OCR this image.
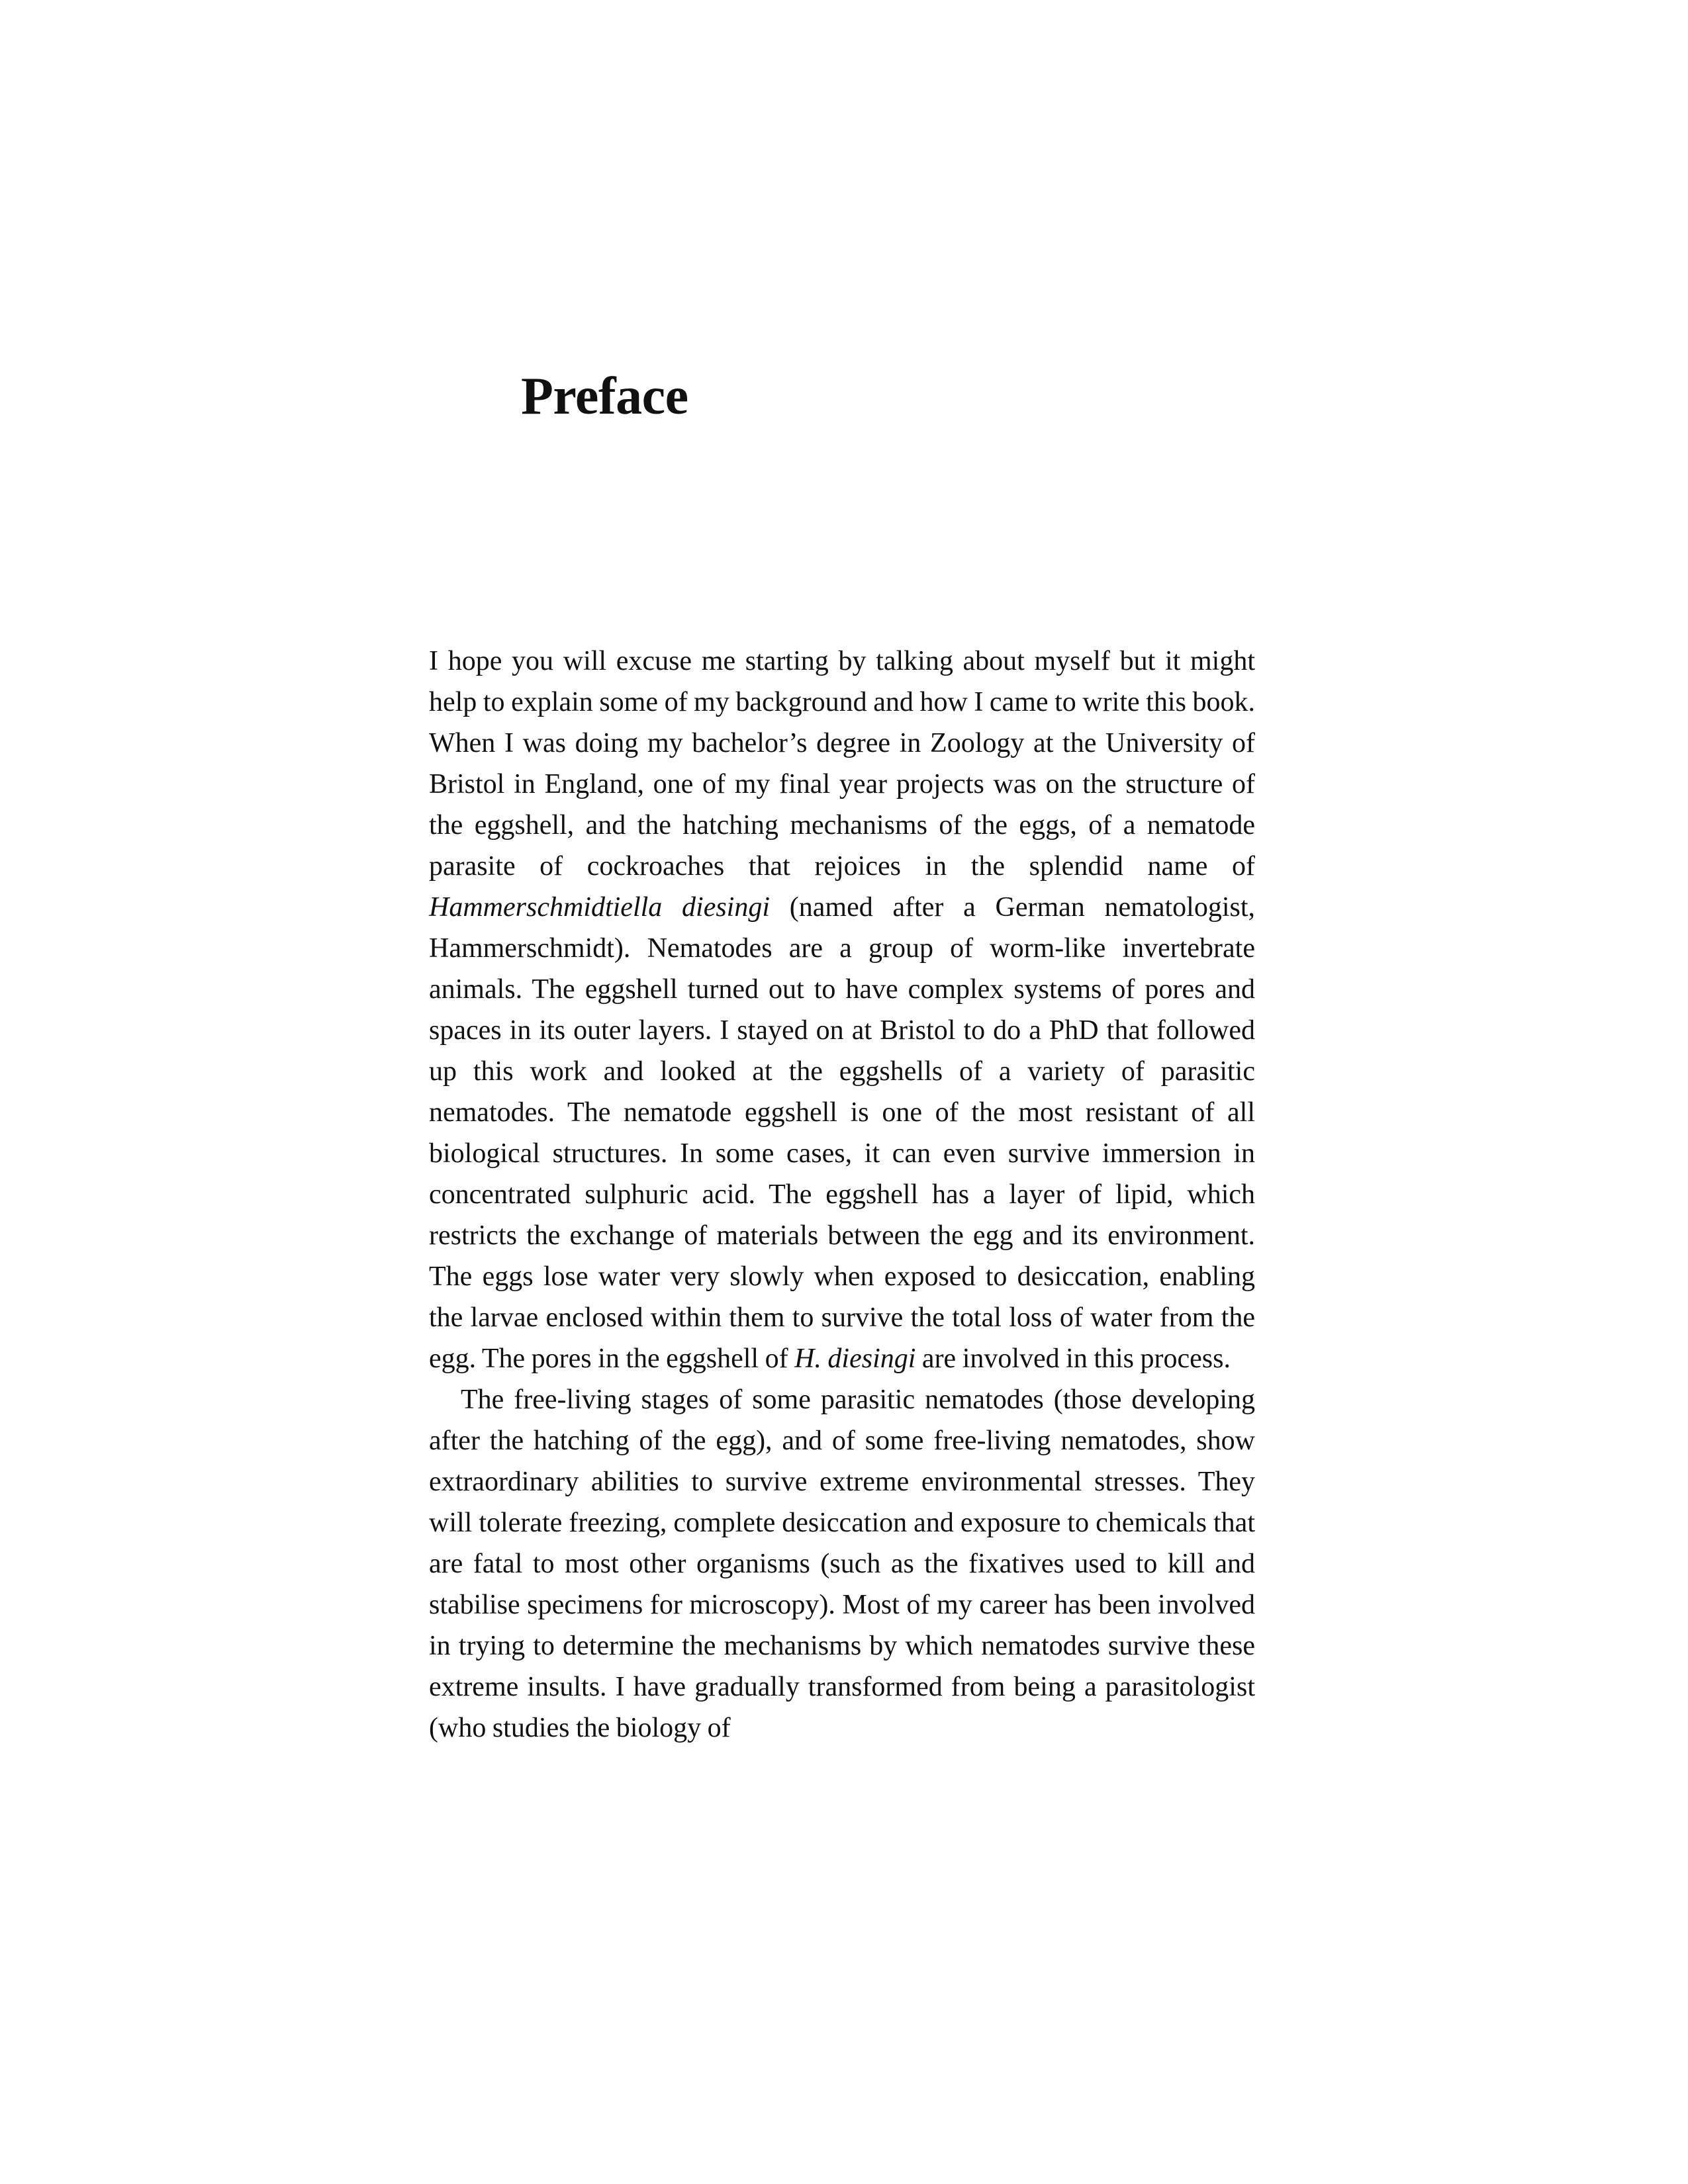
Preface

I hope you will excuse me starting by talking about myself but it might help to explain some of my background and how I came to write this book. When I was doing my bachelor’s degree in Zoology at the University of Bristol in England, one of my final year projects was on the structure of the eggshell, and the hatching mechanisms of the eggs, of a nematode parasite of cockroaches that rejoices in the splendid name of Hammerschmidtiella diesingi (named after a German nematologist, Hammerschmidt). Nematodes are a group of worm-like invertebrate animals. The eggshell turned out to have complex systems of pores and spaces in its outer layers. I stayed on at Bristol to do a PhD that followed up this work and looked at the eggshells of a variety of parasitic nematodes. The nematode eggshell is one of the most resistant of all biological structures. In some cases, it can even survive immersion in concentrated sulphuric acid. The eggshell has a layer of lipid, which restricts the exchange of materials between the egg and its environment. The eggs lose water very slowly when exposed to desiccation, enabling the larvae enclosed within them to survive the total loss of water from the egg. The pores in the eggshell of H. diesingi are involved in this process.

The free-living stages of some parasitic nematodes (those developing after the hatching of the egg), and of some free-living nematodes, show extraordinary abilities to survive extreme environmental stresses. They will tolerate freezing, complete desiccation and exposure to chemicals that are fatal to most other organisms (such as the fixatives used to kill and stabilise specimens for microscopy). Most of my career has been involved in trying to determine the mechanisms by which nematodes survive these extreme insults. I have gradually transformed from being a parasitologist (who studies the biology of
